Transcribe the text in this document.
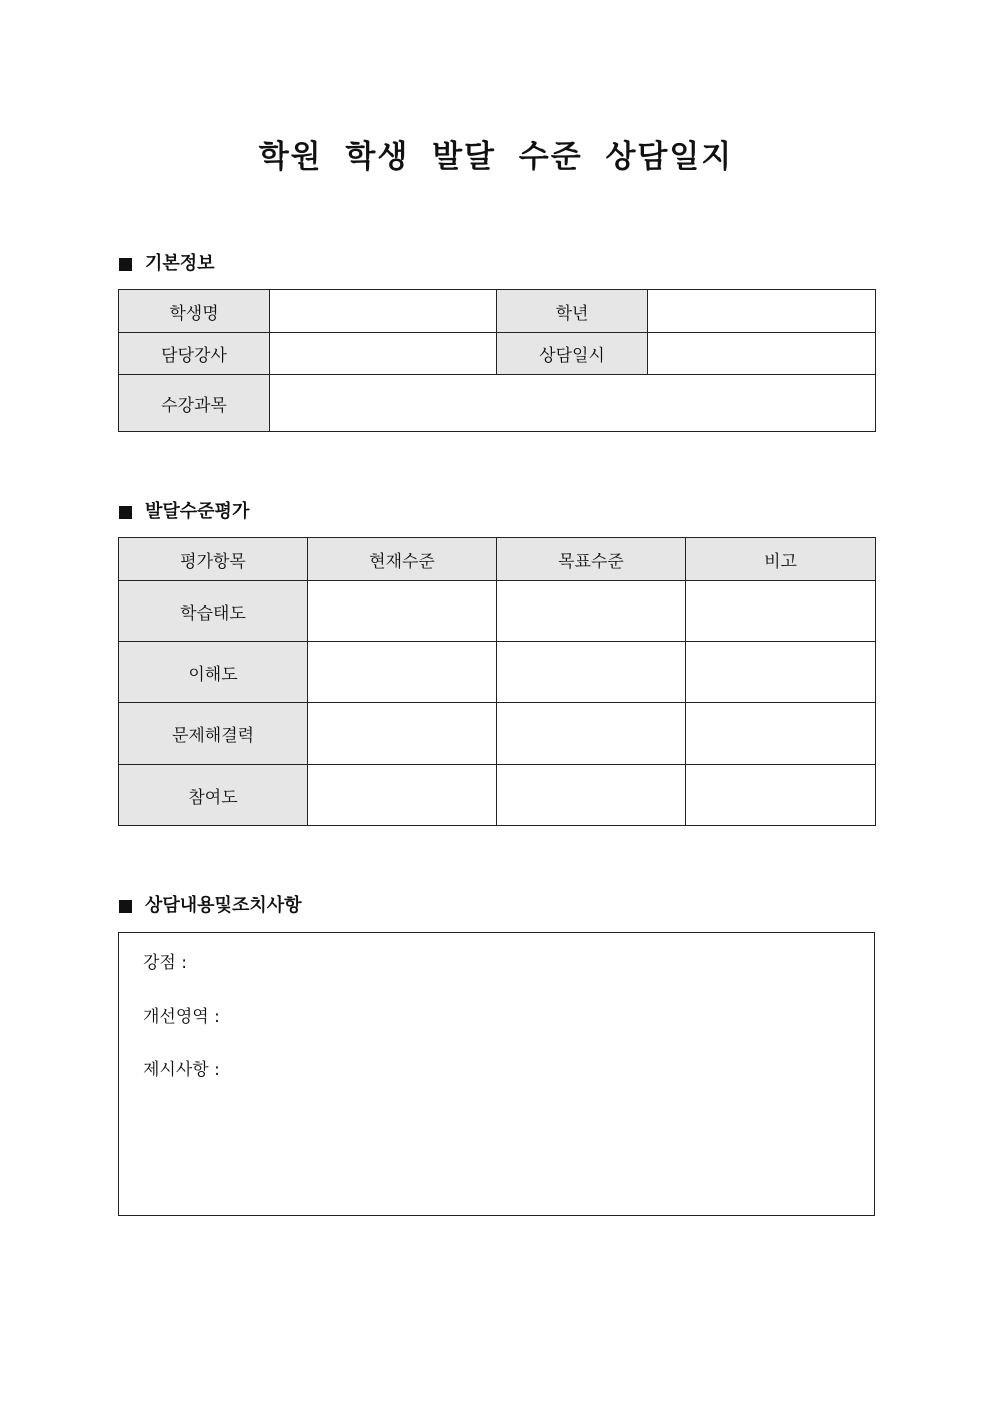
학원 학생 발달 수준 상담일지
기본정보
학생명		학년	
담당강사		상담일시	
수강과목			
발달수준평가
평가항목	현재수준	목표수준	비고
학습태도			
이해도			
문제해결력			
참여도			
상담내용및조치사항
강점 :
개선영역 :
제시사항 :
